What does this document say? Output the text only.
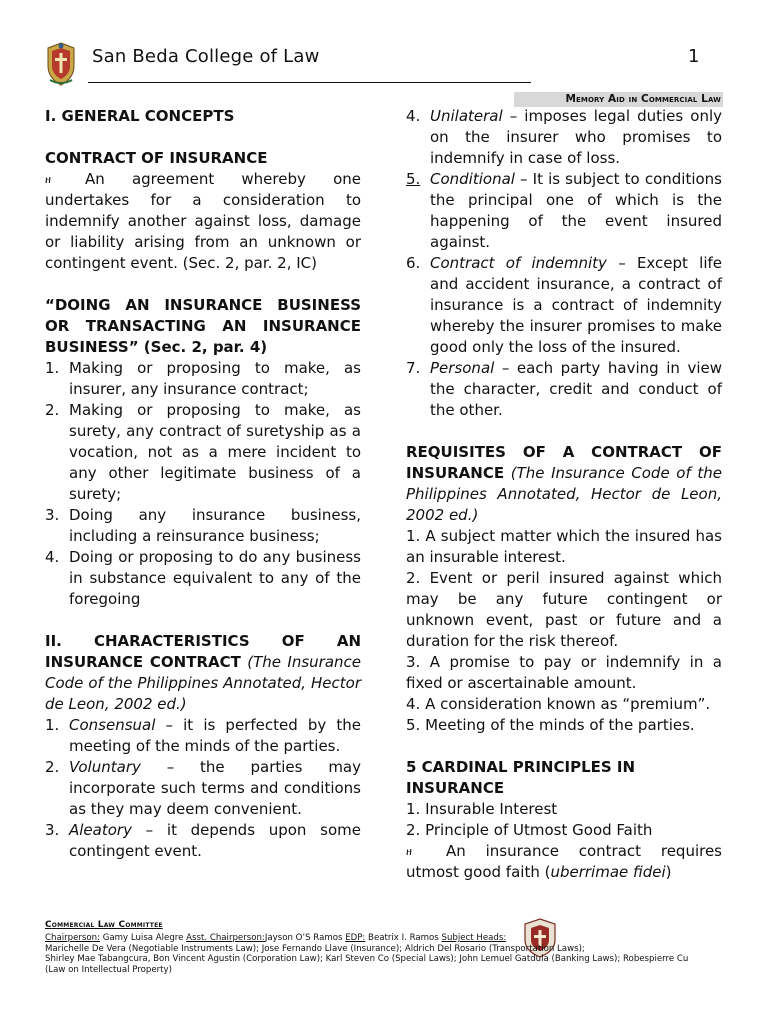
San Beda College of Law	1
Memory Aid in Commercial Law

I. GENERAL CONCEPTS

CONTRACT OF INSURANCE

ዘ An agreement whereby one undertakes for a consideration to indemnify another against loss, damage or liability arising from an unknown or contingent event. (Sec. 2, par. 2, IC)

“DOING AN INSURANCE BUSINESS OR TRANSACTING AN INSURANCE BUSINESS” (Sec. 2, par. 4)

1. Making or proposing to make, as insurer, any insurance contract;
2. Making or proposing to make, as surety, any contract of suretyship as a vocation, not as a mere incident to any other legitimate business of a surety;
3. Doing any insurance business, including a reinsurance business;
4. Doing or proposing to do any business in substance equivalent to any of the foregoing

II. CHARACTERISTICS OF AN INSURANCE CONTRACT (The Insurance Code of the Philippines Annotated, Hector de Leon, 2002 ed.)

1. Consensual – it is perfected by the meeting of the minds of the parties.
2. Voluntary – the parties may incorporate such terms and conditions as they may deem convenient.
3. Aleatory – it depends upon some contingent event.
4. Unilateral – imposes legal duties only on the insurer who promises to indemnify in case of loss.
5. Conditional – It is subject to conditions the principal one of which is the happening of the event insured against.
6. Contract of indemnity – Except life and accident insurance, a contract of insurance is a contract of indemnity whereby the insurer promises to make good only the loss of the insured.
7. Personal – each party having in view the character, credit and conduct of the other.

REQUISITES OF A CONTRACT OF INSURANCE (The Insurance Code of the Philippines Annotated, Hector de Leon, 2002 ed.)

1. A subject matter which the insured has an insurable interest.

2. Event or peril insured against which may be any future contingent or unknown event, past or future and a duration for the risk thereof.

3. A promise to pay or indemnify in a fixed or ascertainable amount.

4. A consideration known as “premium”.

5. Meeting of the minds of the parties.

5 CARDINAL PRINCIPLES IN INSURANCE

1. Insurable Interest

2. Principle of Utmost Good Faith

ዘ An insurance contract requires utmost good faith (uberrimae fidei)

Commercial Law Committee

Chairperson: Gamy Luisa Alegre Asst. Chairperson:Jayson O’S Ramos EDP: Beatrix I. Ramos Subject Heads:

Marichelle De Vera (Negotiable Instruments Law); Jose Fernando Llave (Insurance); Aldrich Del Rosario (Transportation Laws);

Shirley Mae Tabangcura, Bon Vincent Agustin (Corporation Law); Karl Steven Co (Special Laws); John Lemuel Gatdula (Banking Laws); Robespierre Cu

(Law on Intellectual Property)
